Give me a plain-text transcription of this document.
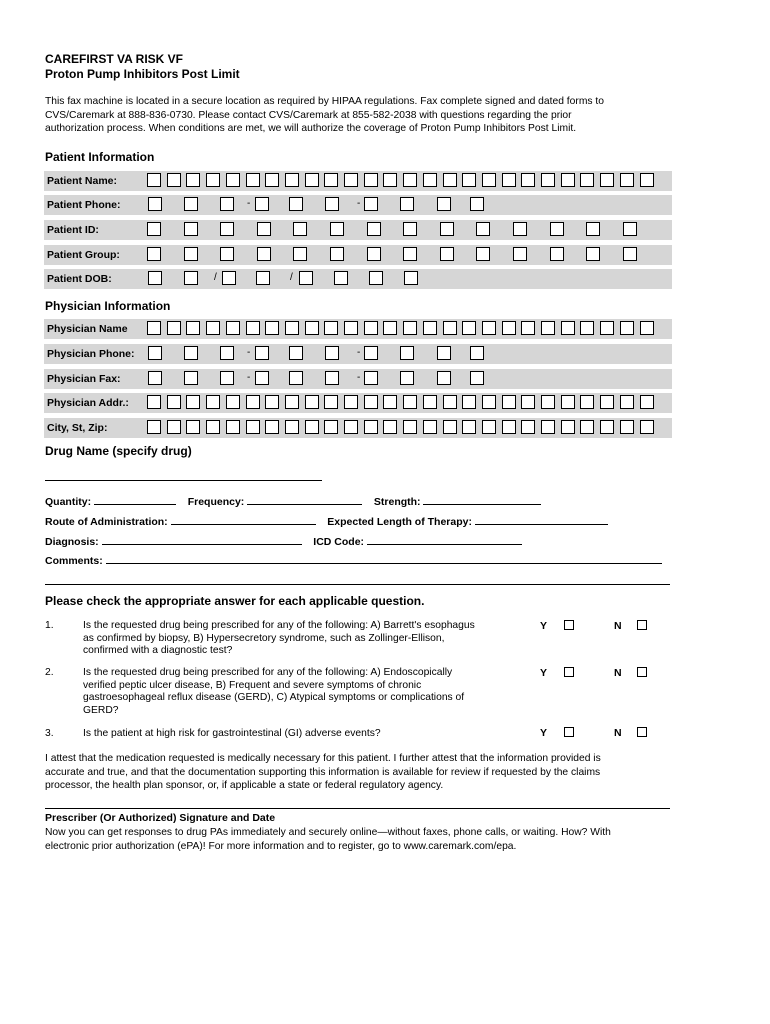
CAREFIRST VA RISK VF
Proton Pump Inhibitors Post Limit
This fax machine is located in a secure location as required by HIPAA regulations. Fax complete signed and dated forms to
CVS/Caremark at 888-836-0730. Please contact CVS/Caremark at 855-582-2038 with questions regarding the prior
authorization process. When conditions are met, we will authorize the coverage of Proton Pump Inhibitors Post Limit.
Patient Information
Patient Name:
Patient Phone:	-	-
Patient ID:
Patient Group:
Patient DOB:	/	/
Physician Information
Physician Name
Physician Phone:	-	-
Physician Fax:	-	-
Physician Addr.:
City, St, Zip:
Drug Name (specify drug)
Quantity:	Frequency:	Strength:
Route of Administration:	Expected Length of Therapy:
Diagnosis:	ICD Code:
Comments:
Please check the appropriate answer for each applicable question.
1.	Is the requested drug being prescribed for any of the following: A) Barrett's esophagus
as confirmed by biopsy, B) Hypersecretory syndrome, such as Zollinger-Ellison,
confirmed with a diagnostic test?
Y	N
2.	Is the requested drug being prescribed for any of the following: A) Endoscopically
verified peptic ulcer disease, B) Frequent and severe symptoms of chronic
gastroesophageal reflux disease (GERD), C) Atypical symptoms or complications of
GERD?
Y	N
3.	Is the patient at high risk for gastrointestinal (GI) adverse events?	Y	N
I attest that the medication requested is medically necessary for this patient. I further attest that the information provided is
accurate and true, and that the documentation supporting this information is available for review if requested by the claims
processor, the health plan sponsor, or, if applicable a state or federal regulatory agency.
Prescriber (Or Authorized) Signature and Date
Now you can get responses to drug PAs immediately and securely online—without faxes, phone calls, or waiting. How? With
electronic prior authorization (ePA)! For more information and to register, go to www.caremark.com/epa.
